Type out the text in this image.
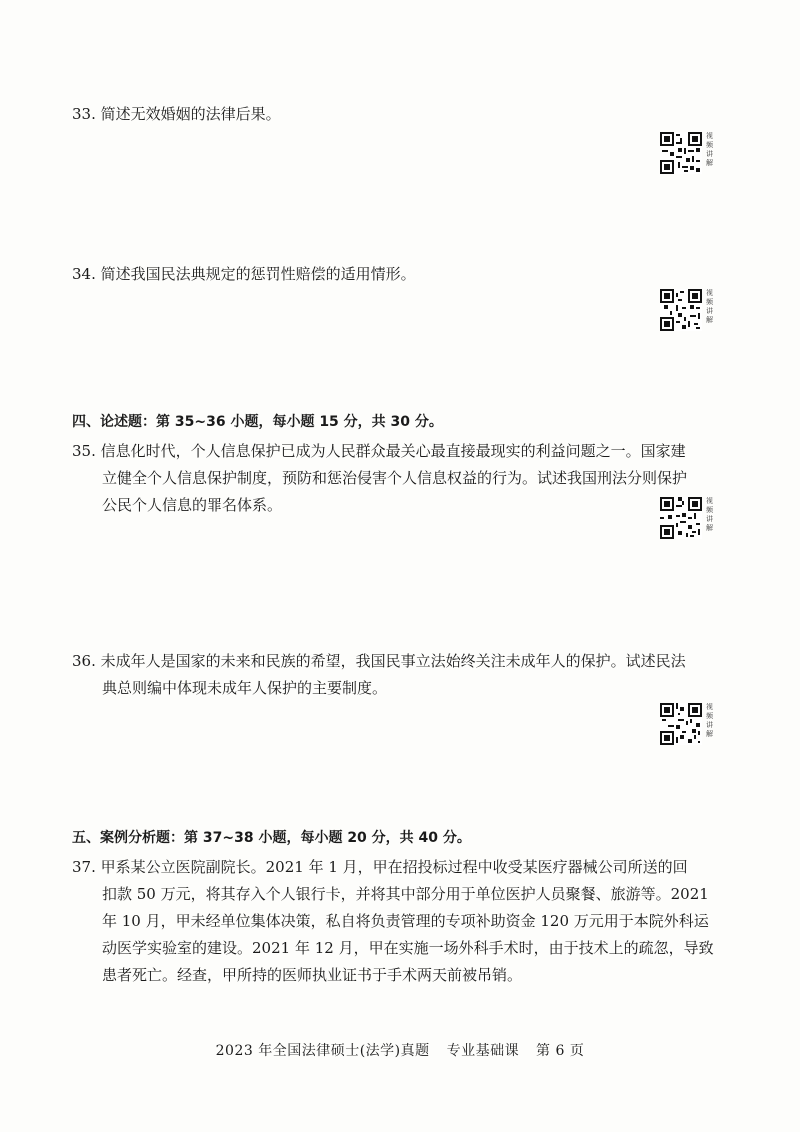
33. 简述无效婚姻的法律后果。
视频讲解
34. 简述我国民法典规定的惩罚性赔偿的适用情形。
视频讲解
四、论述题：第 35~36 小题，每小题 15 分，共 30 分。
35. 信息化时代，个人信息保护已成为人民群众最关心最直接最现实的利益问题之一。国家建
立健全个人信息保护制度，预防和惩治侵害个人信息权益的行为。试述我国刑法分则保护
公民个人信息的罪名体系。	视频讲解
36. 未成年人是国家的未来和民族的希望，我国民事立法始终关注未成年人的保护。试述民法
典总则编中体现未成年人保护的主要制度。
视频讲解
五、案例分析题：第 37~38 小题，每小题 20 分，共 40 分。
37. 甲系某公立医院副院长。2021 年 1 月，甲在招投标过程中收受某医疗器械公司所送的回
扣款 50 万元，将其存入个人银行卡，并将其中部分用于单位医护人员聚餐、旅游等。2021
年 10 月，甲未经单位集体决策，私自将负责管理的专项补助资金 120 万元用于本院外科运
动医学实验室的建设。2021 年 12 月，甲在实施一场外科手术时，由于技术上的疏忽，导致
患者死亡。经查，甲所持的医师执业证书于手术两天前被吊销。
2023 年全国法律硕士(法学)真题 专业基础课 第 6 页
